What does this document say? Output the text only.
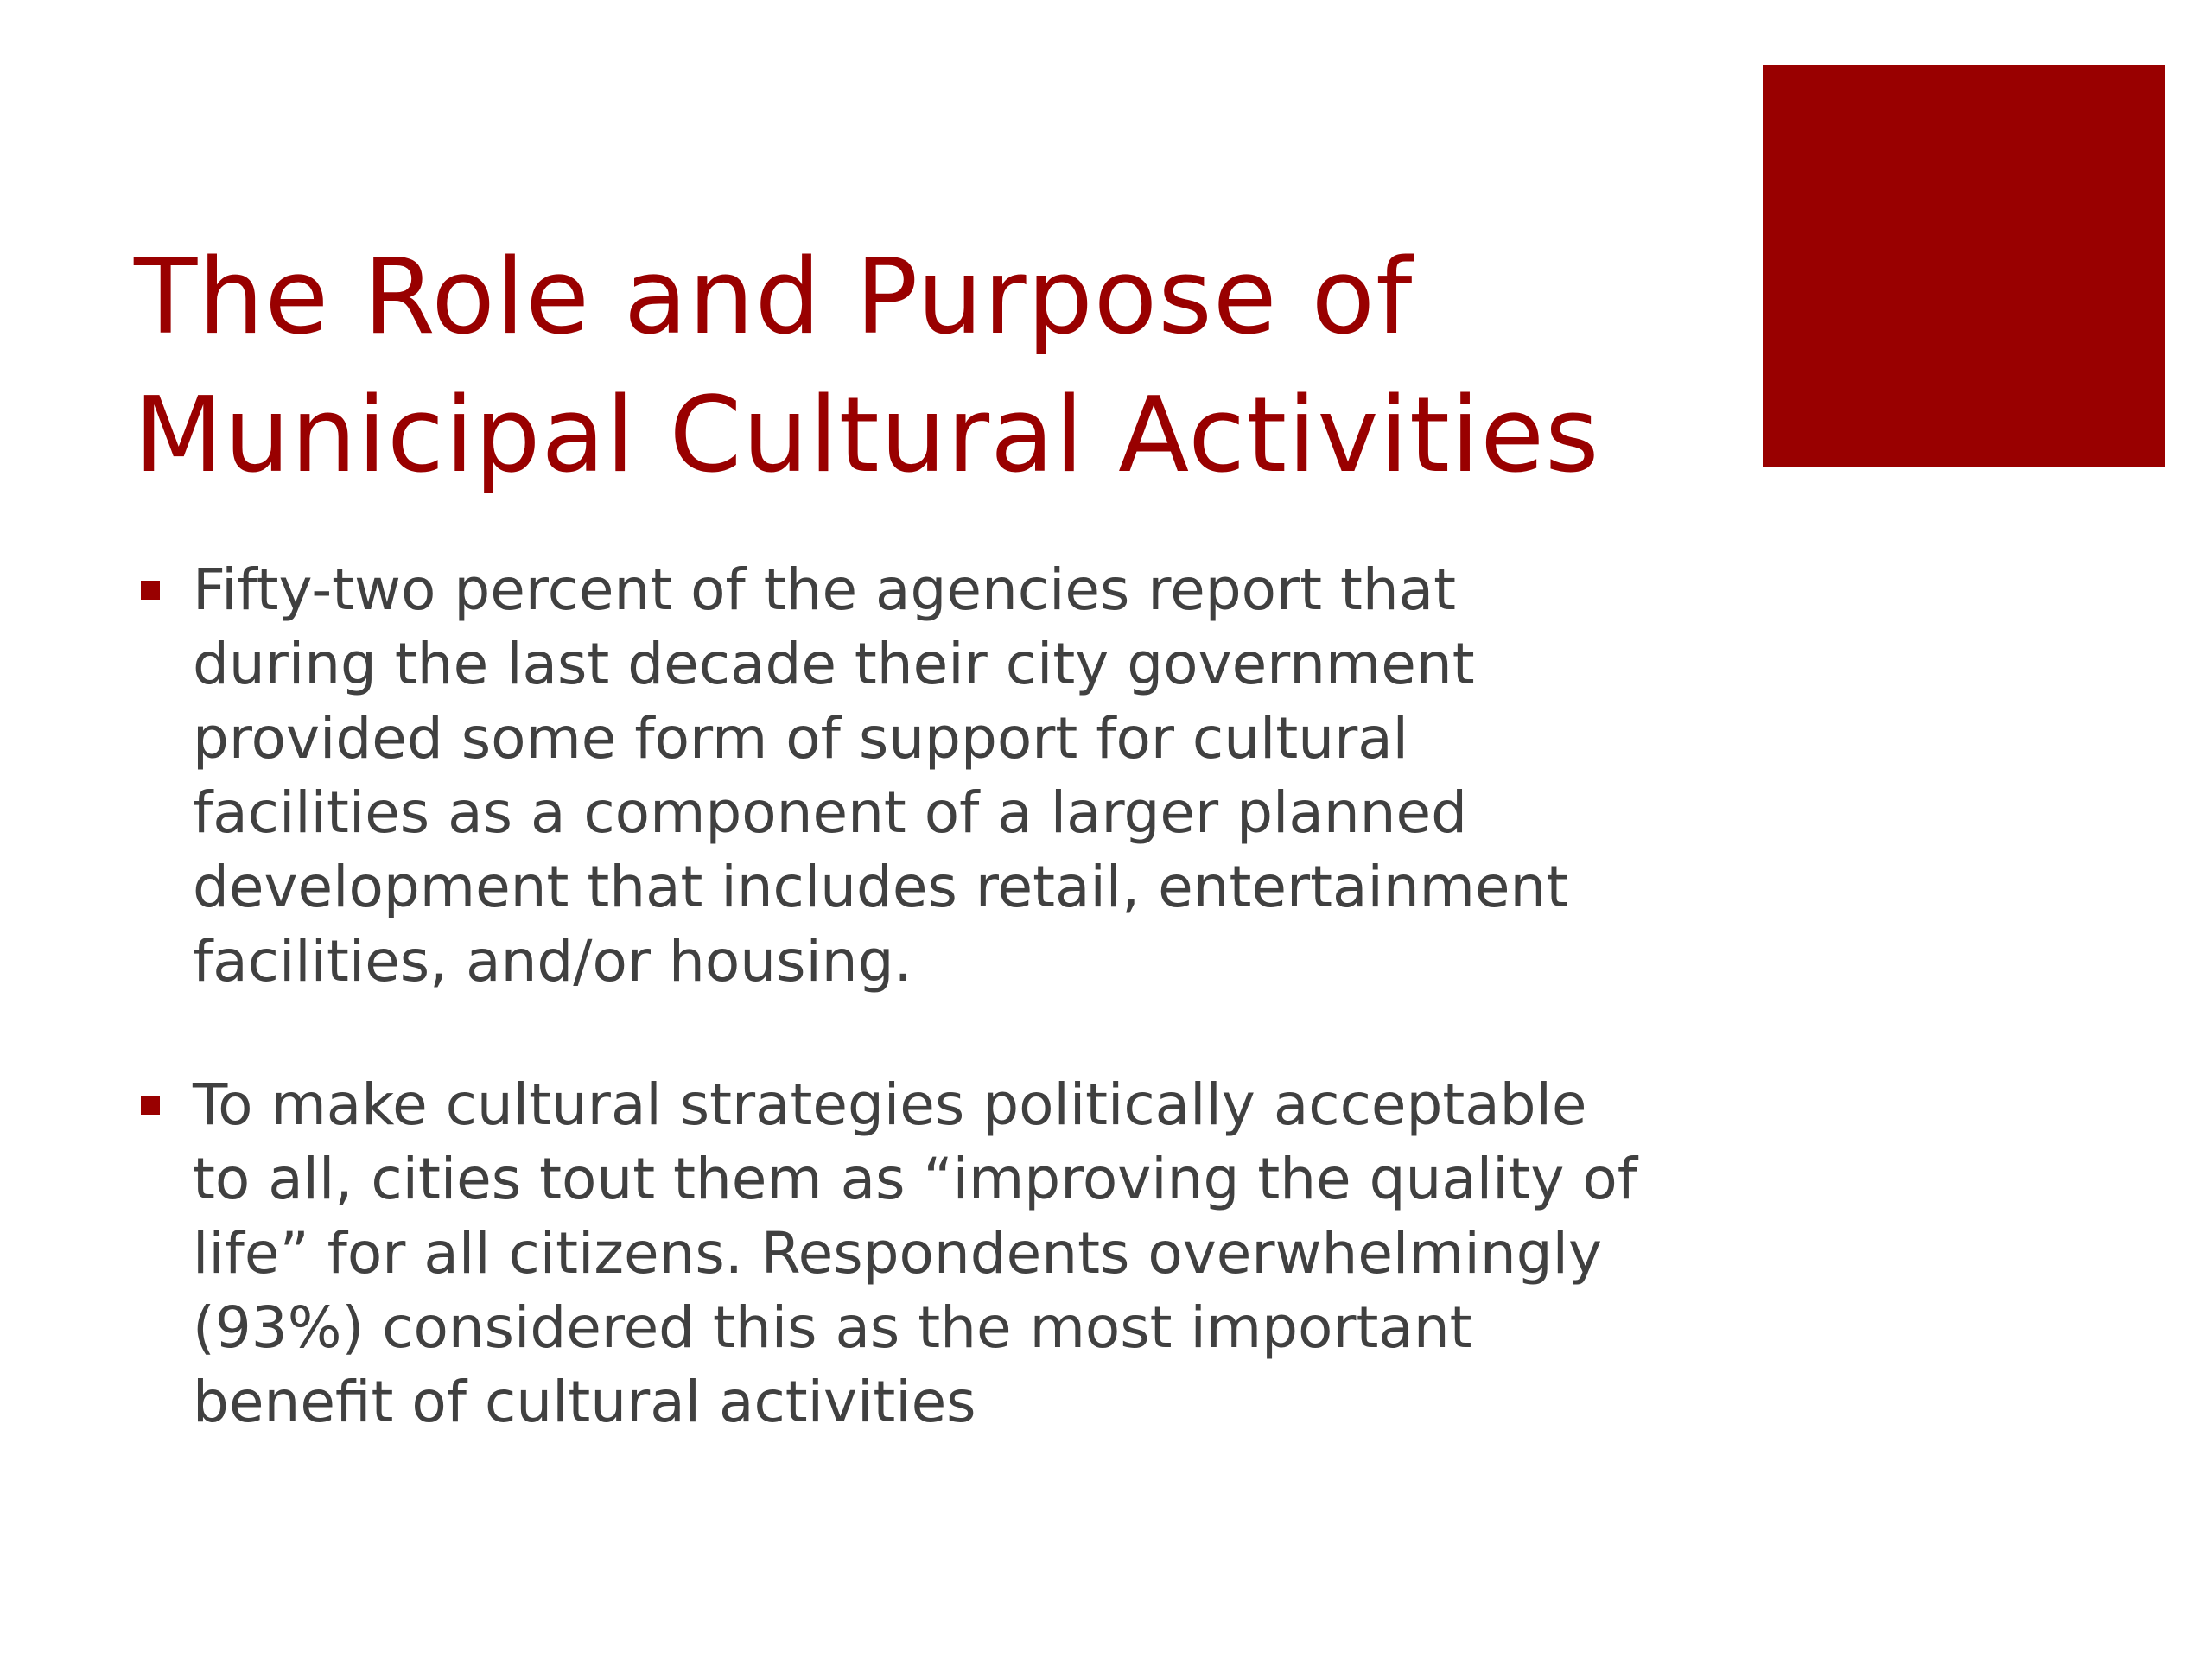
The Role and Purpose of
Municipal Cultural Activities
Fifty-two percent of the agencies report that
during the last decade their city government
provided some form of support for cultural
facilities as a component of a larger planned
development that includes retail, entertainment
facilities, and/or housing.
To make cultural strategies politically acceptable
to all, cities tout them as “improving the quality of
life” for all citizens. Respondents overwhelmingly
(93%) considered this as the most important
benefit of cultural activities
